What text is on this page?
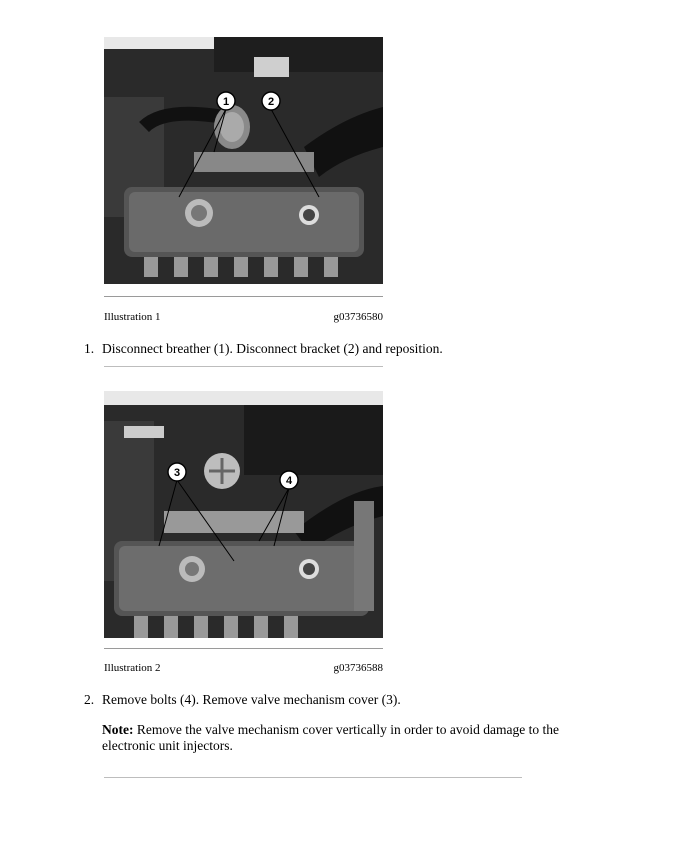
1	2
Illustration 1	g03736580
1. Disconnect breather (1). Disconnect bracket (2) and reposition.
3
4
Illustration 2	g03736588
2. Remove bolts (4). Remove valve mechanism cover (3).
Note: Remove the valve mechanism cover vertically in order to avoid damage to the electronic unit injectors.
